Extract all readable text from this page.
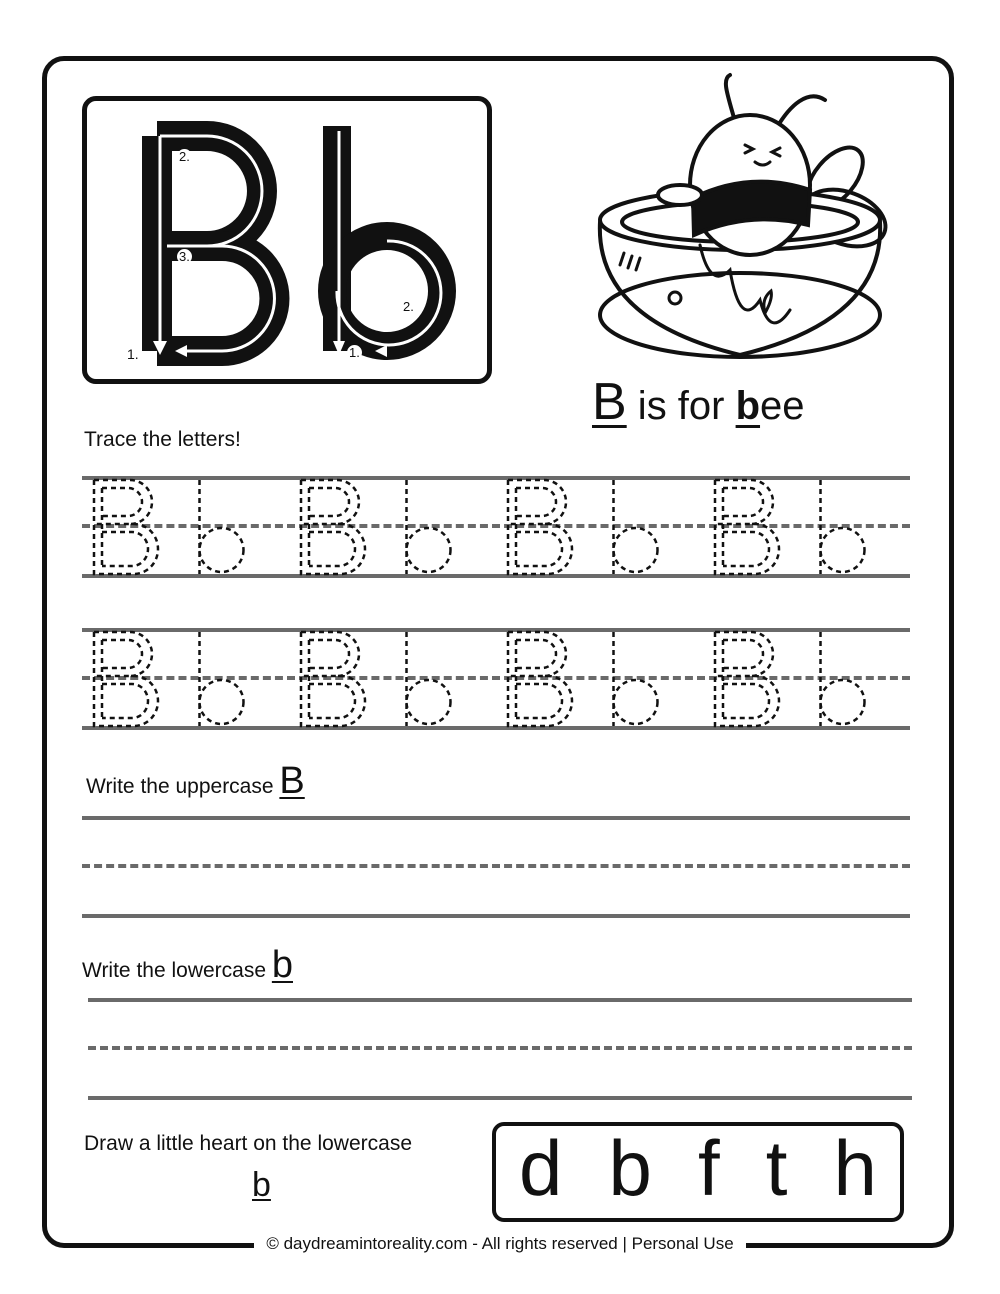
1.
2.
3.
1.
2.
B is for bee
Trace the letters!
Write the uppercase B
Write the lowercase b
Draw a little heart on the lowercase
b	d b f t h
© daydreamintoreality.com - All rights reserved | Personal Use
